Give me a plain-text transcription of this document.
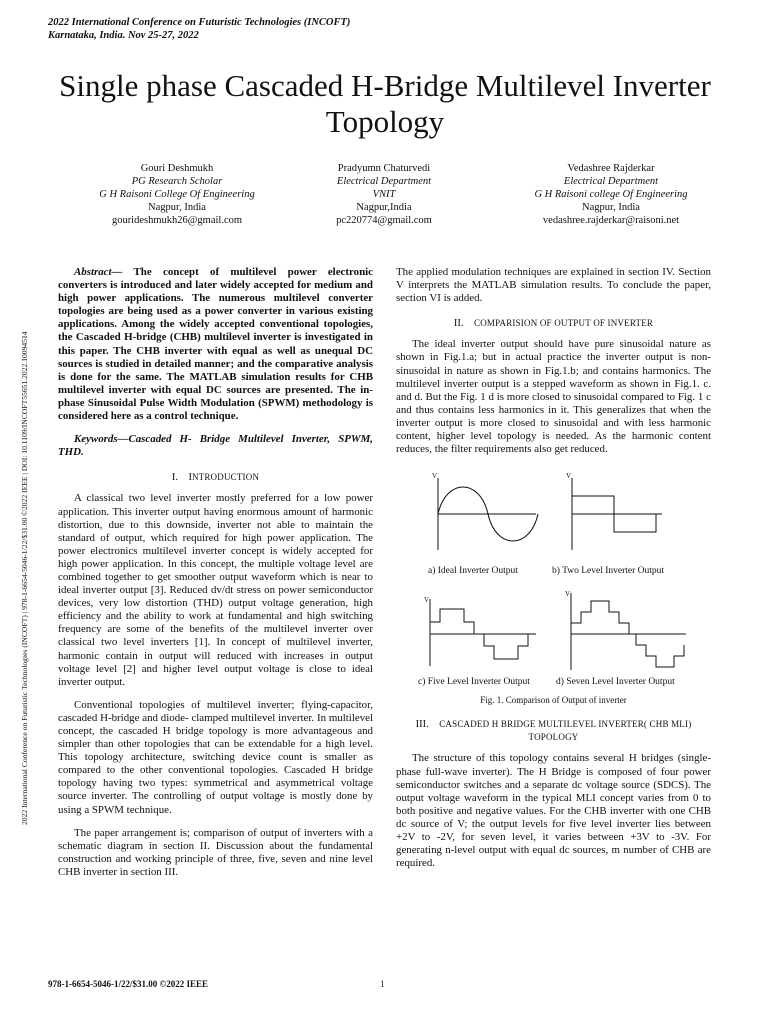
2022 International Conference on Futuristic Technologies (INCOFT)
Karnataka, India. Nov 25-27, 2022
2022 International Conference on Futuristic Technologies (INCOFT) | 978-1-6654-5046-1/22/$31.00 ©2022 IEEE | DOI: 10.1109/INCOFT55651.2022.10094514
Single phase Cascaded H-Bridge Multilevel Inverter Topology
Gouri Deshmukh
PG Research Scholar
G H Raisoni College Of Engineering
Nagpur, India
gourideshmukh26@gmail.com
Pradyumn Chaturvedi
Electrical Department
VNIT
Nagpur,India
pc220774@gmail.com
Vedashree Rajderkar
Electrical Department
G H Raisoni college Of Engineering
Nagpur, India
vedashree.rajderkar@raisoni.net

Abstract— The concept of multilevel power electronic converters is introduced and later widely accepted for medium and high power applications. The numerous multilevel converter topologies are being used as a power converter in various existing applications. Among the widely accepted conventional topologies, the Cascaded H-bridge (CHB) multilevel inverter is investigated in this paper. The CHB inverter with equal as well as unequal DC sources is studied in detailed manner; and the comparative analysis is done for the same. The MATLAB simulation results for CHB multilevel inverter with equal DC sources are presented. The in-phase Sinusoidal Pulse Width Modulation (SPWM) methodology is considered here as a control technique.

Keywords—Cascaded H- Bridge Multilevel Inverter, SPWM, THD.

I. INTRODUCTION

A classical two level inverter mostly preferred for a low power application. This inverter output having enormous amount of harmonic distortion, due to this downside, inverter not able to maintain the standard of output, which required for high power application. The power electronics multilevel inverter concept is widely accepted for high power application. In this concept, the multiple voltage level are combined together to get smoother output waveform which is near to ideal inverter output [3]. Reduced dv/dt stress on power semiconductor devices, very low distortion (THD) output voltage generation, high efficiency and the ability to work at fundamental and high switching frequency are some of the benefits of the multilevel inverter over classical two level inverters [1]. In concept of multilevel inverter, harmonic contain in output will reduced with increases in output voltage level [2] and higher level output voltage is close to ideal inverter output.

Conventional topologies of multilevel inverter; flying-capacitor, cascaded H-bridge and diode- clamped multilevel inverter. In multilevel concept, the cascaded H bridge topology is more advantageous and simpler than other topologies that can be extendable for a high level. This topology architecture, switching device count is smaller as compared to the other conventional topologies. Cascaded H bridge topology having two types: symmetrical and asymmetrical voltage source inverter. The controlling of output voltage is mostly done by using a SPWM technique.

The paper arrangement is; comparison of output of inverters with a schematic diagram in section II. Discussion about the fundamental construction and working principle of three, five, seven and nine level CHB inverter in section III.

The applied modulation techniques are explained in section IV. Section V interprets the MATLAB simulation results. To conclude the paper, section VI is added.

II. COMPARISION OF OUTPUT OF INVERTER

The ideal inverter output should have pure sinusoidal nature as shown in Fig.1.a; but in actual practice the inverter output is non-sinusoidal in nature as shown in Fig.1.b; and contains harmonics. The multilevel inverter output is a stepped waveform as shown in Fig.1. c. and d. But the Fig. 1 d is more closed to sinusoidal compared to Fig. 1 c and thus contains less harmonics in it. This generalizes that when the inverter output is more closed to sinusoidal and with less harmonic content, higher level topology is needed. As the harmonic content reduces, the filter requirements also get reduced.

V	V
V
V
a) Ideal Inverter Output	b) Two Level Inverter Output
c) Five Level Inverter Output	d) Seven Level Inverter Output
Fig. 1. Comparison of Output of inverter
III. CASCADED H BRIDGE MULTILEVEL INVERTER( CHB MLI) TOPOLOGY

The structure of this topology contains several H bridges (single-phase full-wave inverter). The H Bridge is composed of four power semiconductor switches and a separate dc voltage source (SDCS). The output voltage waveform in the typical MLI concept varies from 0 to both positive and negative values. For the CHB inverter with one CHB dc source of V; the output levels for five level inverter lies between +2V to -2V, for seven level, it varies between +3V to -3V. For generating n-level output with equal dc sources, m number of CHB are required.

978-1-6654-5046-1/22/$31.00 ©2022 IEEE	1
